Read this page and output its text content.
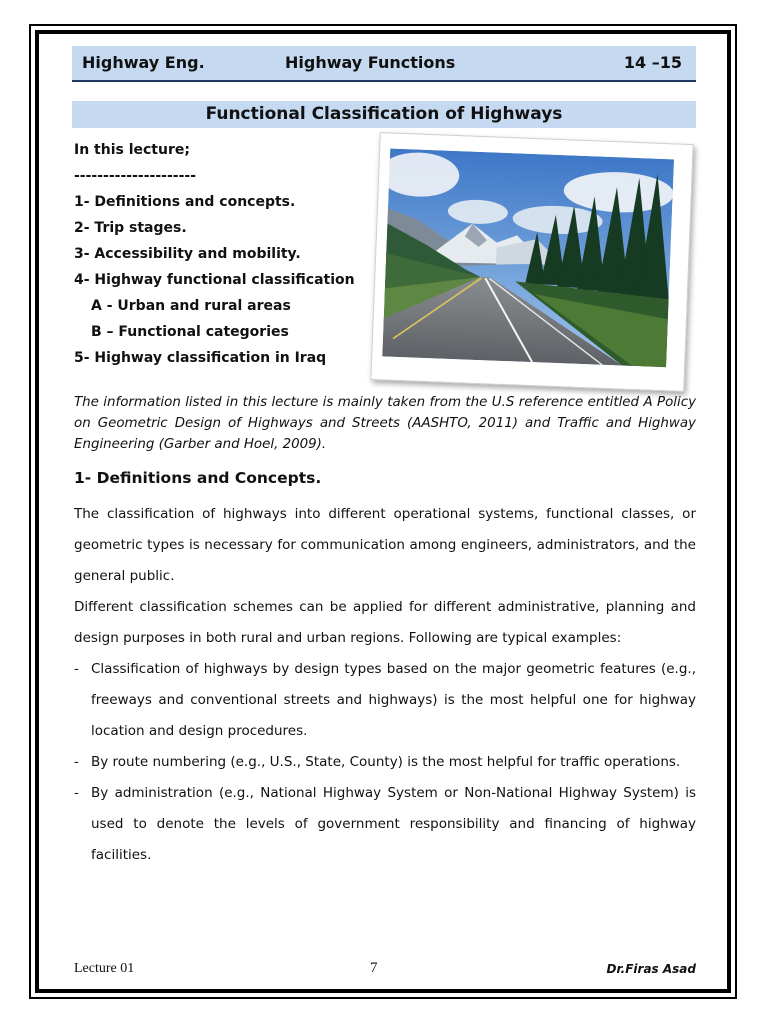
Highway Eng.	Highway Functions	14 –15
Functional Classification of Highways
In this lecture;
---------------------
1- Definitions and concepts.
2- Trip stages.
3- Accessibility and mobility.
4- Highway functional classification
A - Urban and rural areas
B – Functional categories
5- Highway classification in Iraq
The information listed in this lecture is mainly taken from the U.S reference entitled A Policy on Geometric Design of Highways and Streets (AASHTO, 2011) and Traffic and Highway Engineering (Garber and Hoel, 2009).
1- Definitions and Concepts.

The classification of highways into different operational systems, functional classes, or geometric types is necessary for communication among engineers, administrators, and the general public.

Different classification schemes can be applied for different administrative, planning and design purposes in both rural and urban regions. Following are typical examples:

- Classification of highways by design types based on the major geometric features (e.g., freeways and conventional streets and highways) is the most helpful one for highway location and design procedures.
- By route numbering (e.g., U.S., State, County) is the most helpful for traffic operations.
- By administration (e.g., National Highway System or Non-National Highway System) is used to denote the levels of government responsibility and financing of highway facilities.
Lecture 01	7	Dr.Firas Asad
